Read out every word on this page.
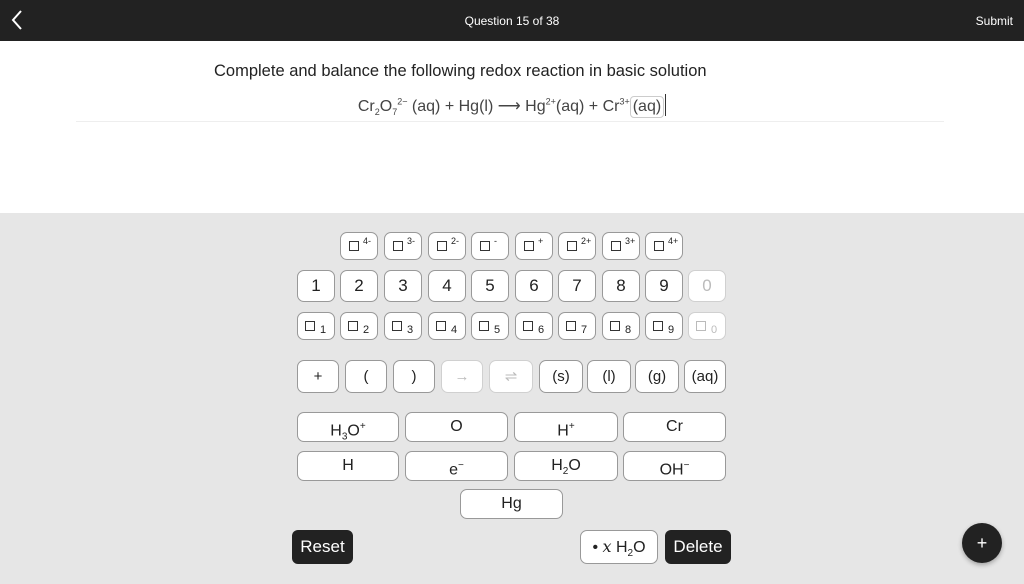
Question 15 of 38	Submit
Complete and balance the following redox reaction in basic solution
$Cr_2O_7^{2-}$ (aq) + Hg(l) ⟶ $Hg^{2+}(aq) + Cr^{3+}$ (aq)
4-	3-	2-	-	+	2+	3+	4+
1	2	3	4	5	6	7	8	9	0
1	2	3	4	5	6	7	8	9	0
+	(	)	→	⇌	(s)	(l)	(g)	(aq)
$H_3O^+$	O	H+	Cr
H	e−	$H_2O$	OH−
Hg
Reset	• x $H_2O$	Delete	+
